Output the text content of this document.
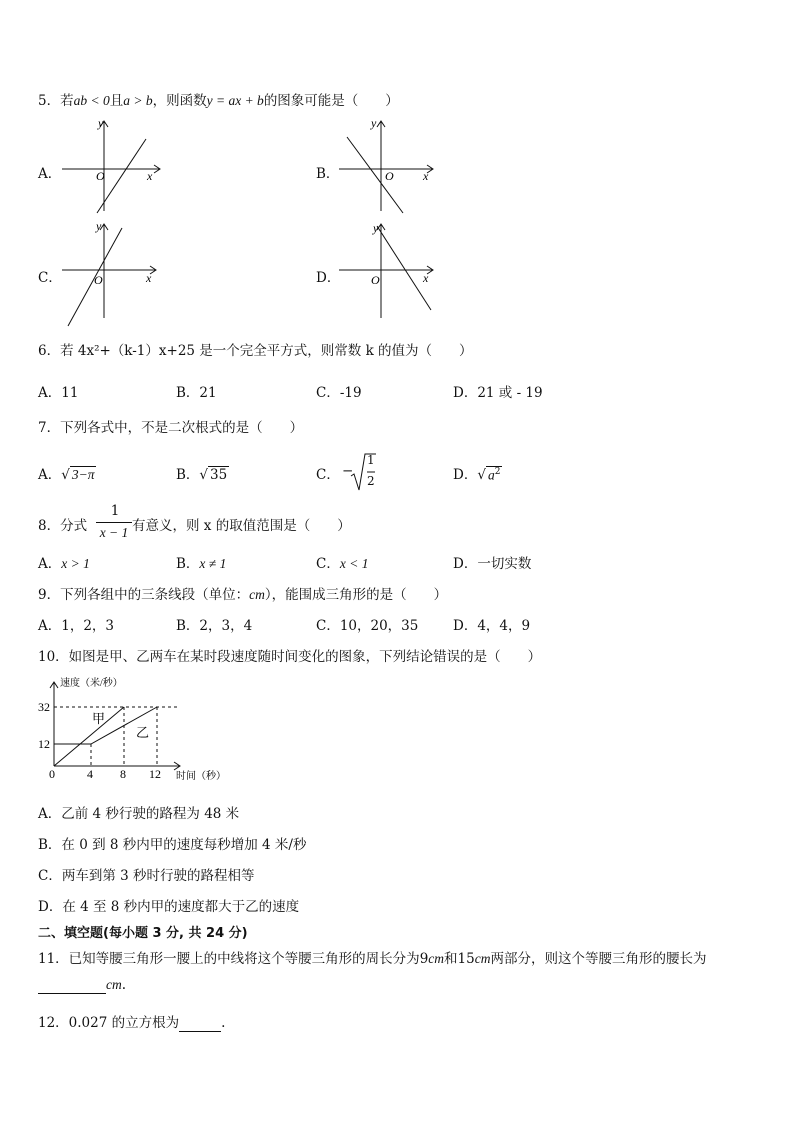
5．若ab < 0且a > b，则函数y = ax + b的图象可能是（　　）
A．	B．
C．	D．
y
x
O
y
x
O
y
x
O
y
x
O
6．若 4x²+（k-1）x+25 是一个完全平方式，则常数 k 的值为（　　）
A．11	B．21	C．-19	D．21 或 - 19
7．下列各式中，不是二次根式的是（　　）
A．√ 3−π	B．√ 35	C． −
1
2	D．√ $a^2$
8．分式
1
x − 1 有意义，则 x 的取值范围是（　　）
A．x > 1	B．x ≠ 1	C．x < 1	D．一切实数
9．下列各组中的三条线段（单位：cm），能围成三角形的是（　　）
A．1，2，3	B．2，3，4	C．10，20，35	D．4，4，9
10．如图是甲、乙两车在某时段速度随时间变化的图象，下列结论错误的是（　　）
速度（米/秒）
时间（秒）
32
12
0	4 8 12
甲
乙
A．乙前 4 秒行驶的路程为 48 米
B．在 0 到 8 秒内甲的速度每秒增加 4 米/秒
C．两车到第 3 秒时行驶的路程相等
D．在 4 至 8 秒内甲的速度都大于乙的速度
二、填空题(每小题 3 分, 共 24 分)
11．已知等腰三角形一腰上的中线将这个等腰三角形的周长分为9cm和15cm两部分，则这个等腰三角形的腰长为
cm.
12．0.027 的立方根为	.
